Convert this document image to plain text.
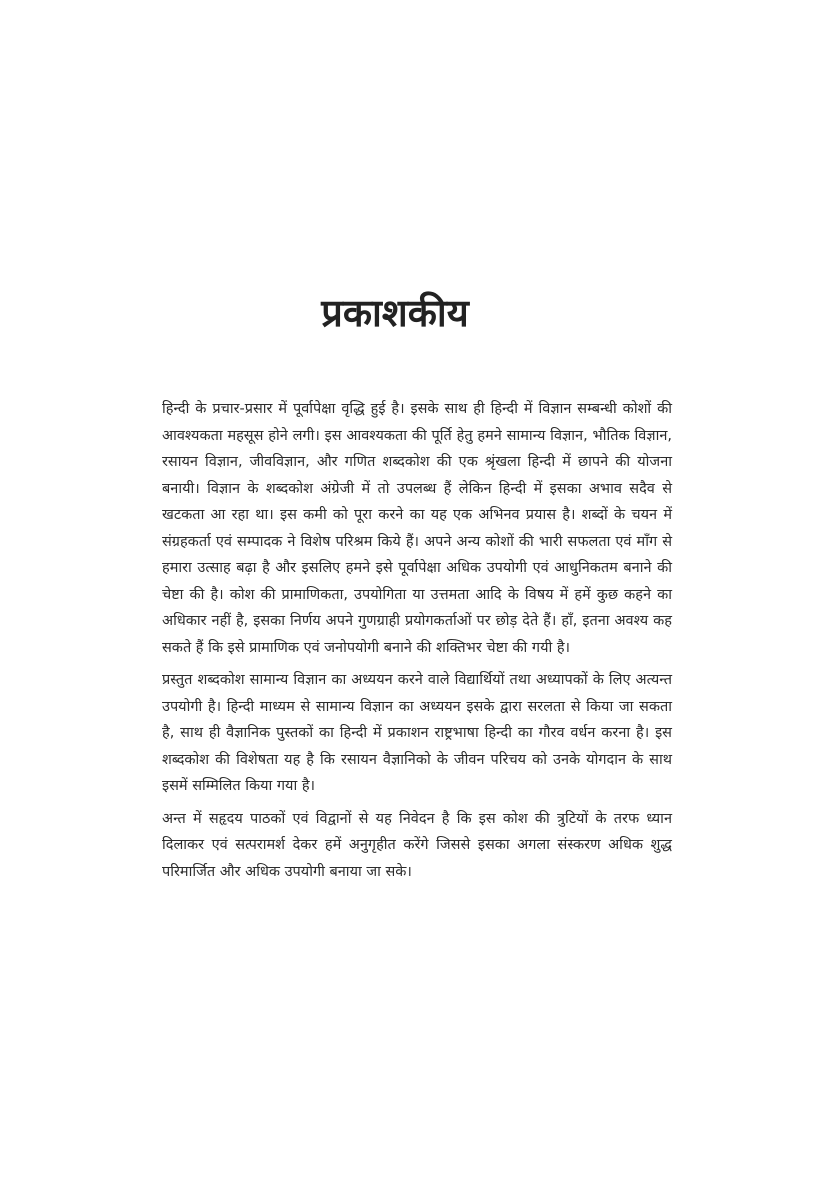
प्रकाशकीय

हिन्दी के प्रचार-प्रसार में पूर्वापेक्षा वृद्धि हुई है। इसके साथ ही हिन्दी में विज्ञान सम्बन्धी कोशों की आवश्यकता महसूस होने लगी। इस आवश्यकता की पूर्ति हेतु हमने सामान्य विज्ञान, भौतिक विज्ञान, रसायन विज्ञान, जीवविज्ञान, और गणित शब्दकोश की एक श्रृंखला हिन्दी में छापने की योजना बनायी। विज्ञान के शब्दकोश अंग्रेजी में तो उपलब्ध हैं लेकिन हिन्दी में इसका अभाव सदैव से खटकता आ रहा था। इस कमी को पूरा करने का यह एक अभिनव प्रयास है। शब्दों के चयन में संग्रहकर्ता एवं सम्पादक ने विशेष परिश्रम किये हैं। अपने अन्य कोशों की भारी सफलता एवं माँग से हमारा उत्साह बढ़ा है और इसलिए हमने इसे पूर्वापेक्षा अधिक उपयोगी एवं आधुनिकतम बनाने की चेष्टा की है। कोश की प्रामाणिकता, उपयोगिता या उत्तमता आदि के विषय में हमें कुछ कहने का अधिकार नहीं है, इसका निर्णय अपने गुणग्राही प्रयोगकर्ताओं पर छोड़ देते हैं। हाँ, इतना अवश्य कह सकते हैं कि इसे प्रामाणिक एवं जनोपयोगी बनाने की शक्तिभर चेष्टा की गयी है।

प्रस्तुत शब्दकोश सामान्य विज्ञान का अध्ययन करने वाले विद्यार्थियों तथा अध्यापकों के लिए अत्यन्त उपयोगी है। हिन्दी माध्यम से सामान्य विज्ञान का अध्ययन इसके द्वारा सरलता से किया जा सकता है, साथ ही वैज्ञानिक पुस्तकों का हिन्दी में प्रकाशन राष्ट्रभाषा हिन्दी का गौरव वर्धन करना है। इस शब्दकोश की विशेषता यह है कि रसायन वैज्ञानिको के जीवन परिचय को उनके योगदान के साथ इसमें सम्मिलित किया गया है।

अन्त में सहृदय पाठकों एवं विद्वानों से यह निवेदन है कि इस कोश की त्रुटियों के तरफ ध्यान दिलाकर एवं सत्परामर्श देकर हमें अनुगृहीत करेंगे जिससे इसका अगला संस्करण अधिक शुद्ध परिमार्जित और अधिक उपयोगी बनाया जा सके।
